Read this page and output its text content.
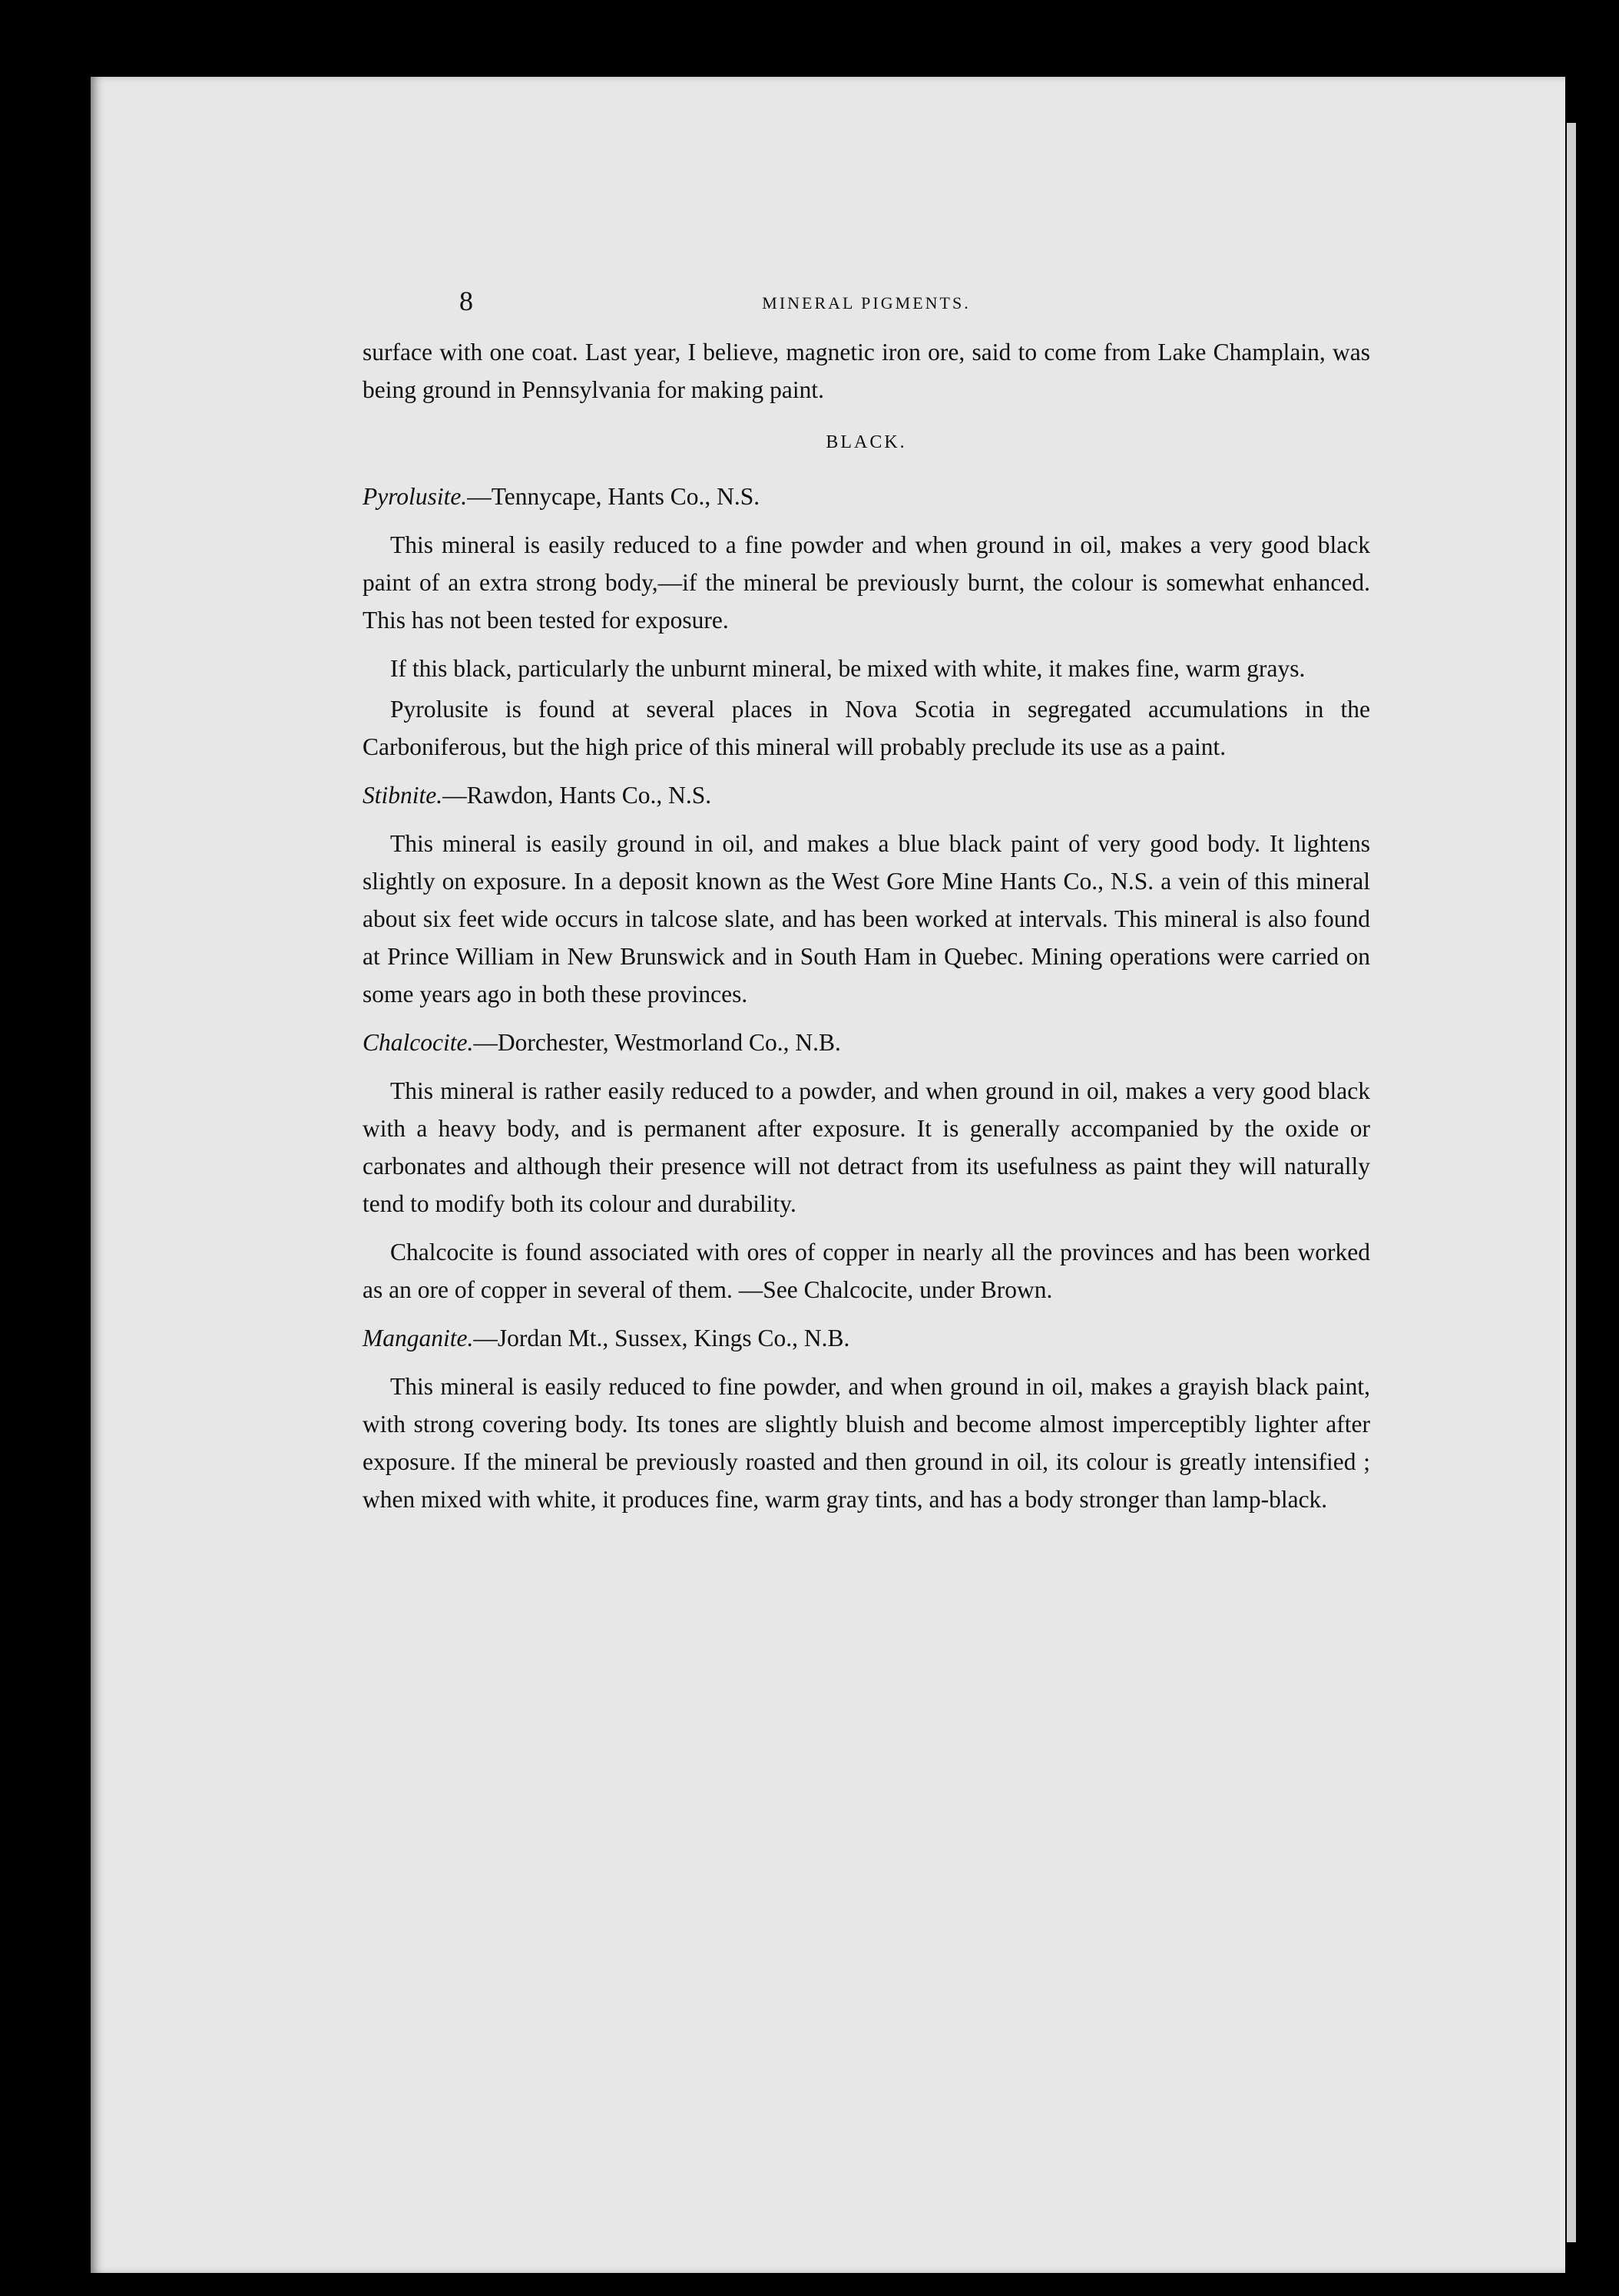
8	MINERAL PIGMENTS.

surface with one coat. Last year, I believe, magnetic iron ore, said to come from Lake Champlain, was being ground in Pennsylvania for making paint.

BLACK.
Pyrolusite.—Tennycape, Hants Co., N.S.

This mineral is easily reduced to a fine powder and when ground in oil, makes a very good black paint of an extra strong body,—if the mineral be previously burnt, the colour is somewhat enhanced. This has not been tested for exposure.

If this black, particularly the unburnt mineral, be mixed with white, it makes fine, warm grays.

Pyrolusite is found at several places in Nova Scotia in segregated accumulations in the Carboniferous, but the high price of this mineral will probably preclude its use as a paint.

Stibnite.—Rawdon, Hants Co., N.S.

This mineral is easily ground in oil, and makes a blue black paint of very good body. It lightens slightly on exposure. In a deposit known as the West Gore Mine Hants Co., N.S. a vein of this mineral about six feet wide occurs in talcose slate, and has been worked at intervals. This mineral is also found at Prince William in New Brunswick and in South Ham in Quebec. Mining operations were carried on some years ago in both these provinces.

Chalcocite.—Dorchester, Westmorland Co., N.B.

This mineral is rather easily reduced to a powder, and when ground in oil, makes a very good black with a heavy body, and is permanent after exposure. It is generally accompanied by the oxide or carbonates and although their presence will not detract from its usefulness as paint they will naturally tend to modify both its colour and durability.

Chalcocite is found associated with ores of copper in nearly all the provinces and has been worked as an ore of copper in several of them. —See Chalcocite, under Brown.

Manganite.—Jordan Mt., Sussex, Kings Co., N.B.

This mineral is easily reduced to fine powder, and when ground in oil, makes a grayish black paint, with strong covering body. Its tones are slightly bluish and become almost imperceptibly lighter after exposure. If the mineral be previously roasted and then ground in oil, its colour is greatly intensified ; when mixed with white, it produces fine, warm gray tints, and has a body stronger than lamp-black.
